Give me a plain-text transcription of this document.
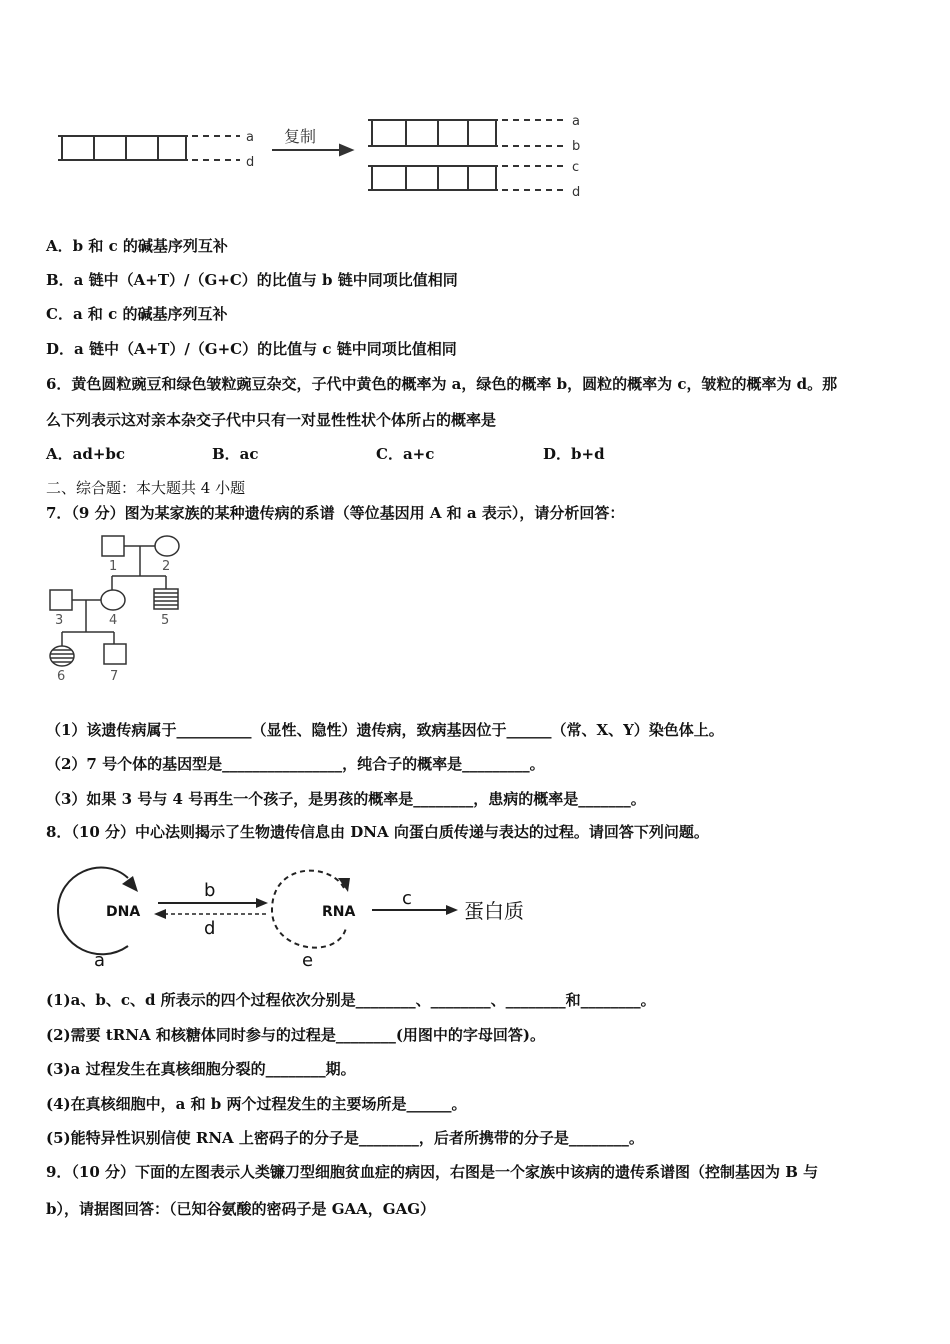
复制
a
d
a
b
c
d
A．b 和 c 的碱基序列互补
B．a 链中（A+T）/（G+C）的比值与 b 链中同项比值相同
C．a 和 c 的碱基序列互补
D．a 链中（A+T）/（G+C）的比值与 c 链中同项比值相同
6．黄色圆粒豌豆和绿色皱粒豌豆杂交，子代中黄色的概率为 a，绿色的概率 b，圆粒的概率为 c，皱粒的概率为 d。那
么下列表示这对亲本杂交子代中只有一对显性性状个体所占的概率是
A．ad+bc	B．ac	C．a+c	D．b+d
二、综合题：本大题共 4 小题
7．（9 分）图为某家族的某种遗传病的系谱（等位基因用 A 和 a 表示），请分析回答：
1	2
3	4	5
6	7
（1）该遗传病属于__________（显性、隐性）遗传病，致病基因位于______（常、X、Y）染色体上。
（2）7 号个体的基因型是________________，纯合子的概率是_________。
（3）如果 3 号与 4 号再生一个孩子，是男孩的概率是________，患病的概率是_______。
8．（10 分）中心法则揭示了生物遗传信息由 DNA 向蛋白质传递与表达的过程。请回答下列问题。
DNA	RNA	蛋白质
a
b	c
d
e
(1)a、b、c、d 所表示的四个过程依次分别是________、________、________和________。
(2)需要 tRNA 和核糖体同时参与的过程是________(用图中的字母回答)。
(3)a 过程发生在真核细胞分裂的________期。
(4)在真核细胞中，a 和 b 两个过程发生的主要场所是______。
(5)能特异性识别信使 RNA 上密码子的分子是________，后者所携带的分子是________。
9．（10 分）下面的左图表示人类镰刀型细胞贫血症的病因，右图是一个家族中该病的遗传系谱图（控制基因为 B 与
b），请据图回答：（已知谷氨酸的密码子是 GAA，GAG）
